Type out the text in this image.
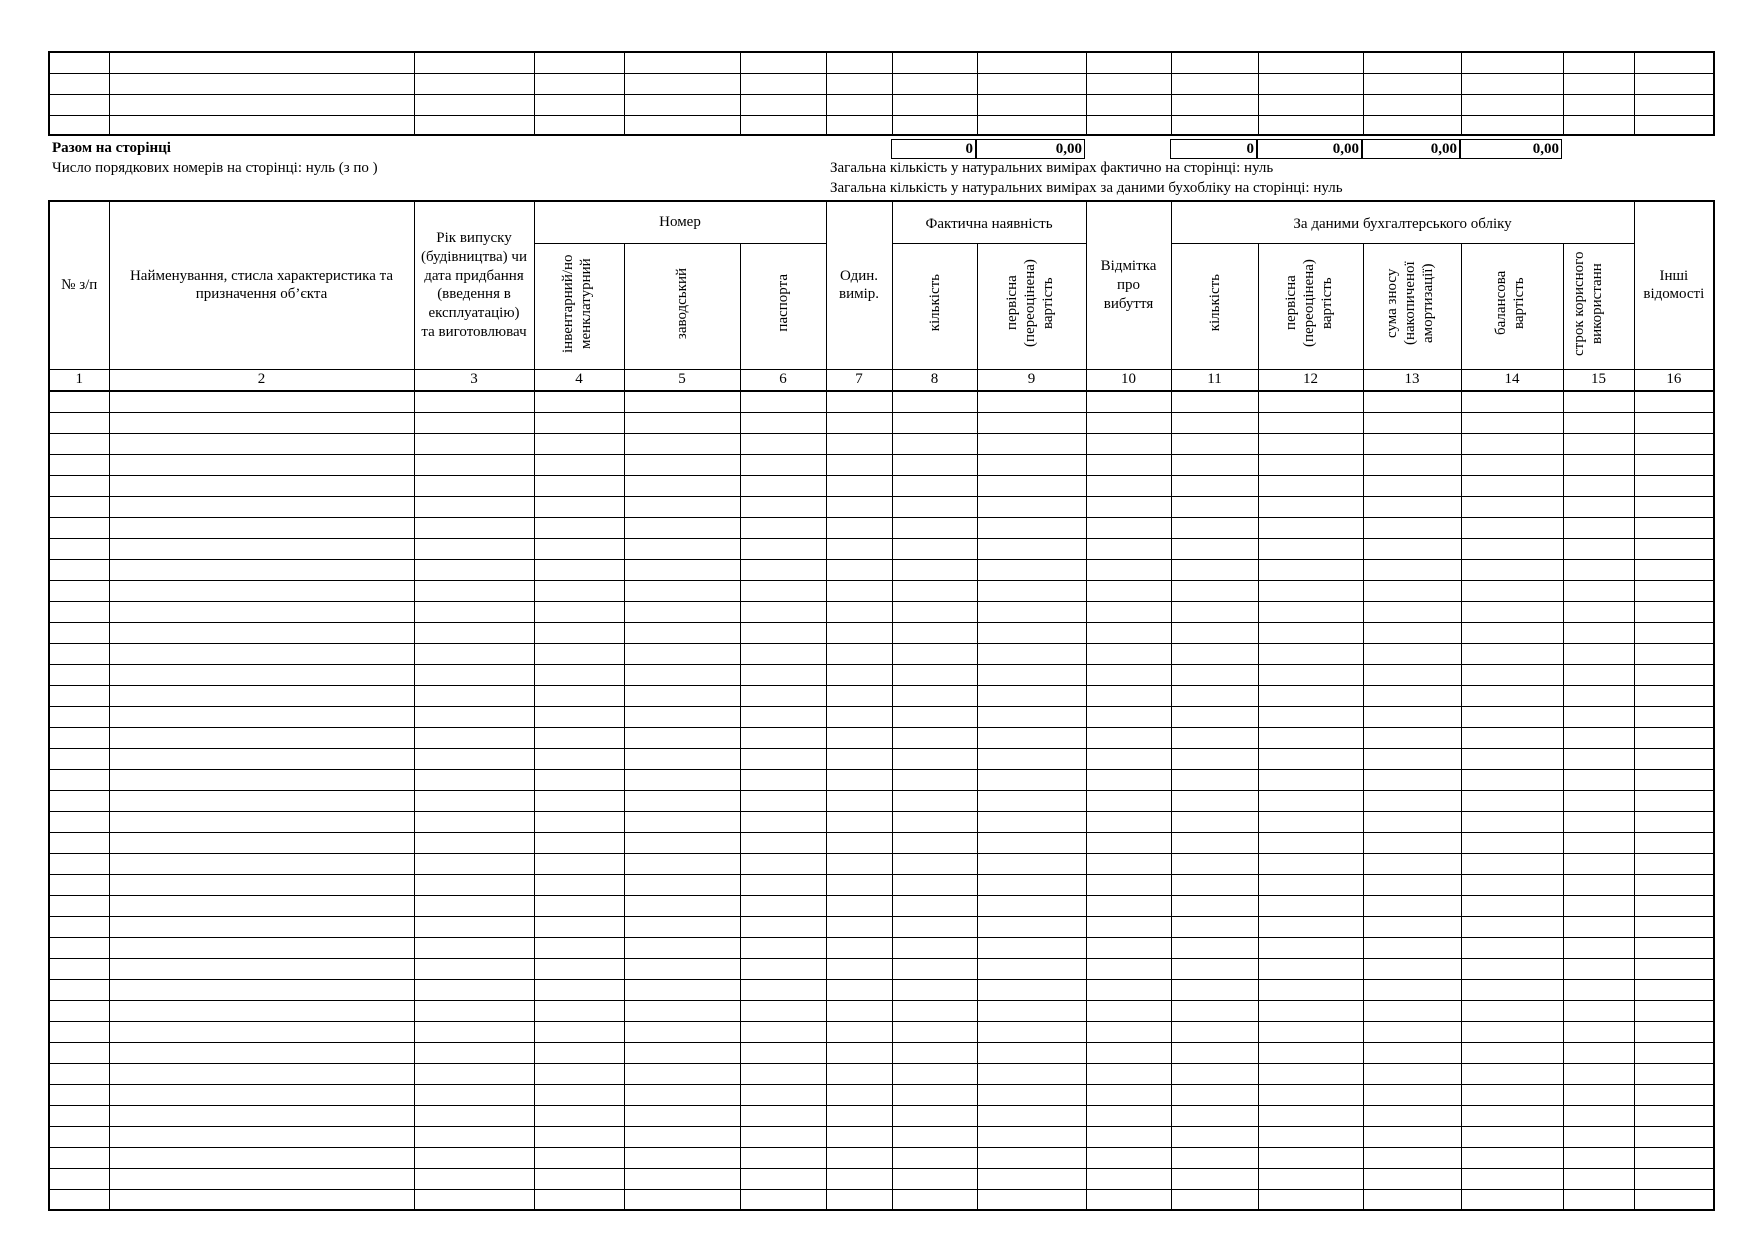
Разом на сторінці	0	0,00	0	0,00	0,00	0,00
Число порядкових номерів на сторінці: нуль (з по )	Загальна кількість у натуральних вимірах фактично на сторінці: нуль
Загальна кількість у натуральних вимірах за даними бухобліку на сторінці: нуль
№ з/п	Найменування, стисла характеристика та призначення об’єкта	Рік випуску (будівництва) чи дата придбання (введення в експлуатацію) та виготовлювач	Номер			Один. вимір.	Фактична наявність		Відмітка про вибуття	За даними бухгалтерського обліку					Інші відомості

			інвентарний/но менклатурний	заводський	паспорта		кількість	первісна (переоцінена) вартість		кількість	первісна (переоцінена) вартість	сума зносу (накопиченої амортизації)	балансова вартість	строк корисного використанн	
1	2	3	4	5	6	7	8	9	10	11	12	13	14	15	16
